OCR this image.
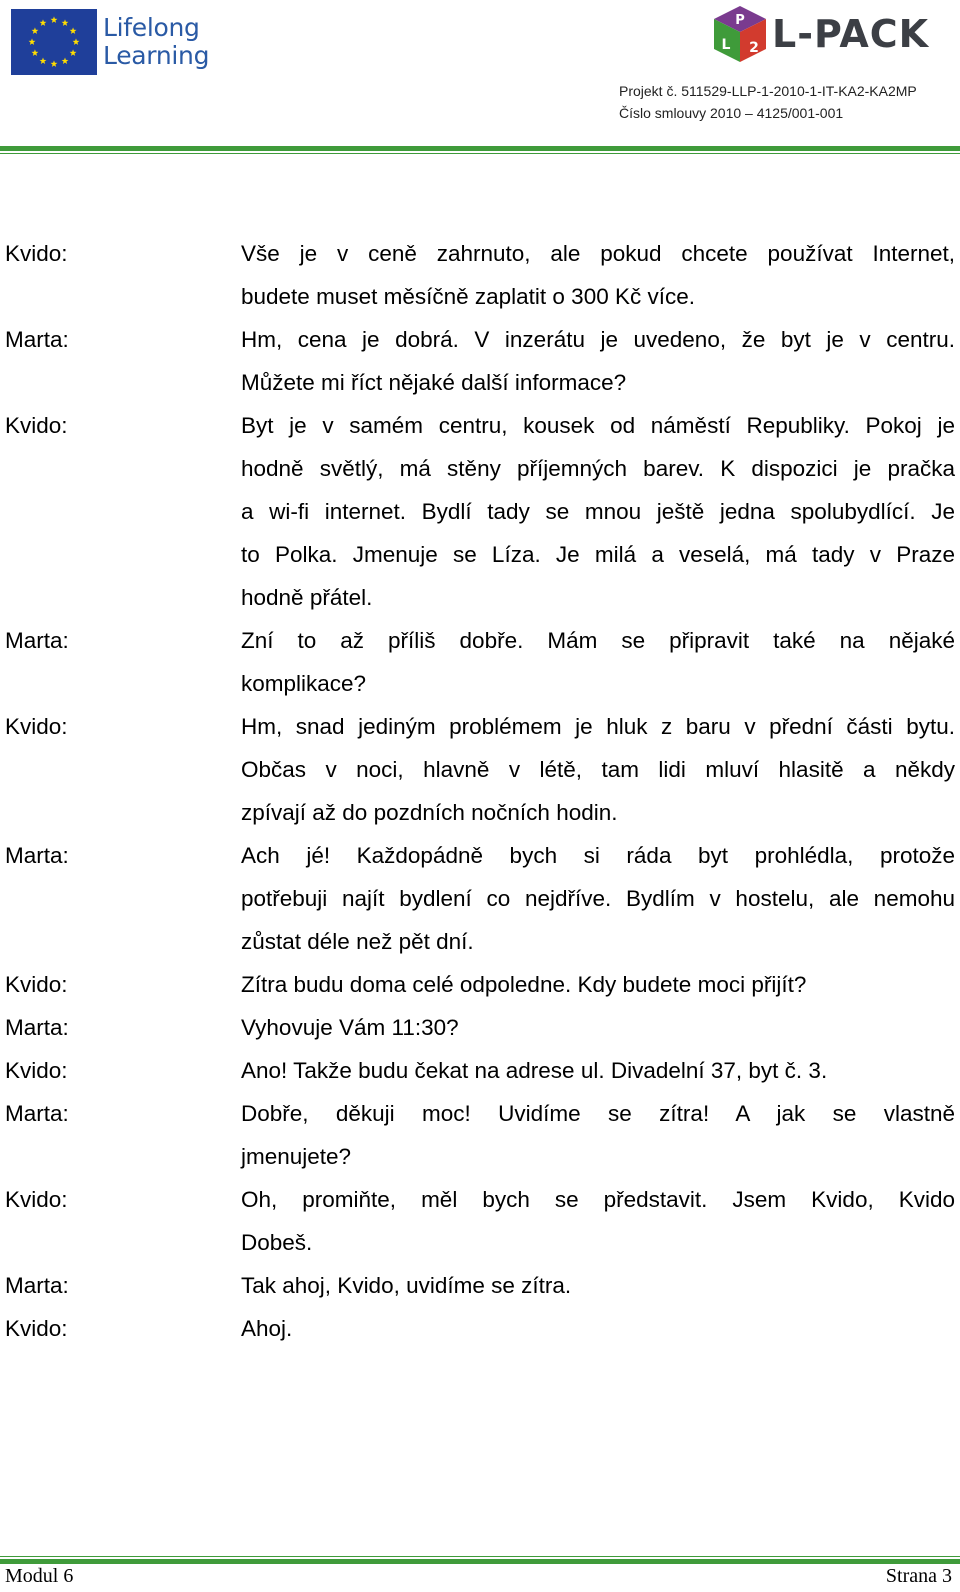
Lifelong
Learning
P
L 2 L-PACK
Projekt č. 511529-LLP-1-2010-1-IT-KA2-KA2MP
Číslo smlouvy 2010 – 4125/001-001
Kvido:	Vše je v ceně zahrnuto, ale pokud chcete používat Internet,
budete muset měsíčně zaplatit o 300 Kč více.
Marta:	Hm, cena je dobrá. V inzerátu je uvedeno, že byt je v centru.
Můžete mi říct nějaké další informace?
Kvido:	Byt je v samém centru, kousek od náměstí Republiky. Pokoj je
hodně světlý, má stěny příjemných barev. K dispozici je pračka
a wi-fi internet. Bydlí tady se mnou ještě jedna spolubydlící. Je
to Polka. Jmenuje se Líza. Je milá a veselá, má tady v Praze
hodně přátel.
Marta:	Zní to až příliš dobře. Mám se připravit také na nějaké
komplikace?
Kvido:	Hm, snad jediným problémem je hluk z baru v přední části bytu.
Občas v noci, hlavně v létě, tam lidi mluví hlasitě a někdy
zpívají až do pozdních nočních hodin.
Marta:	Ach jé! Každopádně bych si ráda byt prohlédla, protože
potřebuji najít bydlení co nejdříve. Bydlím v hostelu, ale nemohu
zůstat déle než pět dní.
Kvido:	Zítra budu doma celé odpoledne. Kdy budete moci přijít?
Marta:	Vyhovuje Vám 11:30?
Kvido:	Ano! Takže budu čekat na adrese ul. Divadelní 37, byt č. 3.
Marta:	Dobře, děkuji moc! Uvidíme se zítra! A jak se vlastně
jmenujete?
Kvido:	Oh, promiňte, měl bych se představit. Jsem Kvido, Kvido
Dobeš.
Marta:	Tak ahoj, Kvido, uvidíme se zítra.
Kvido:	Ahoj.
Modul 6	Strana 3
